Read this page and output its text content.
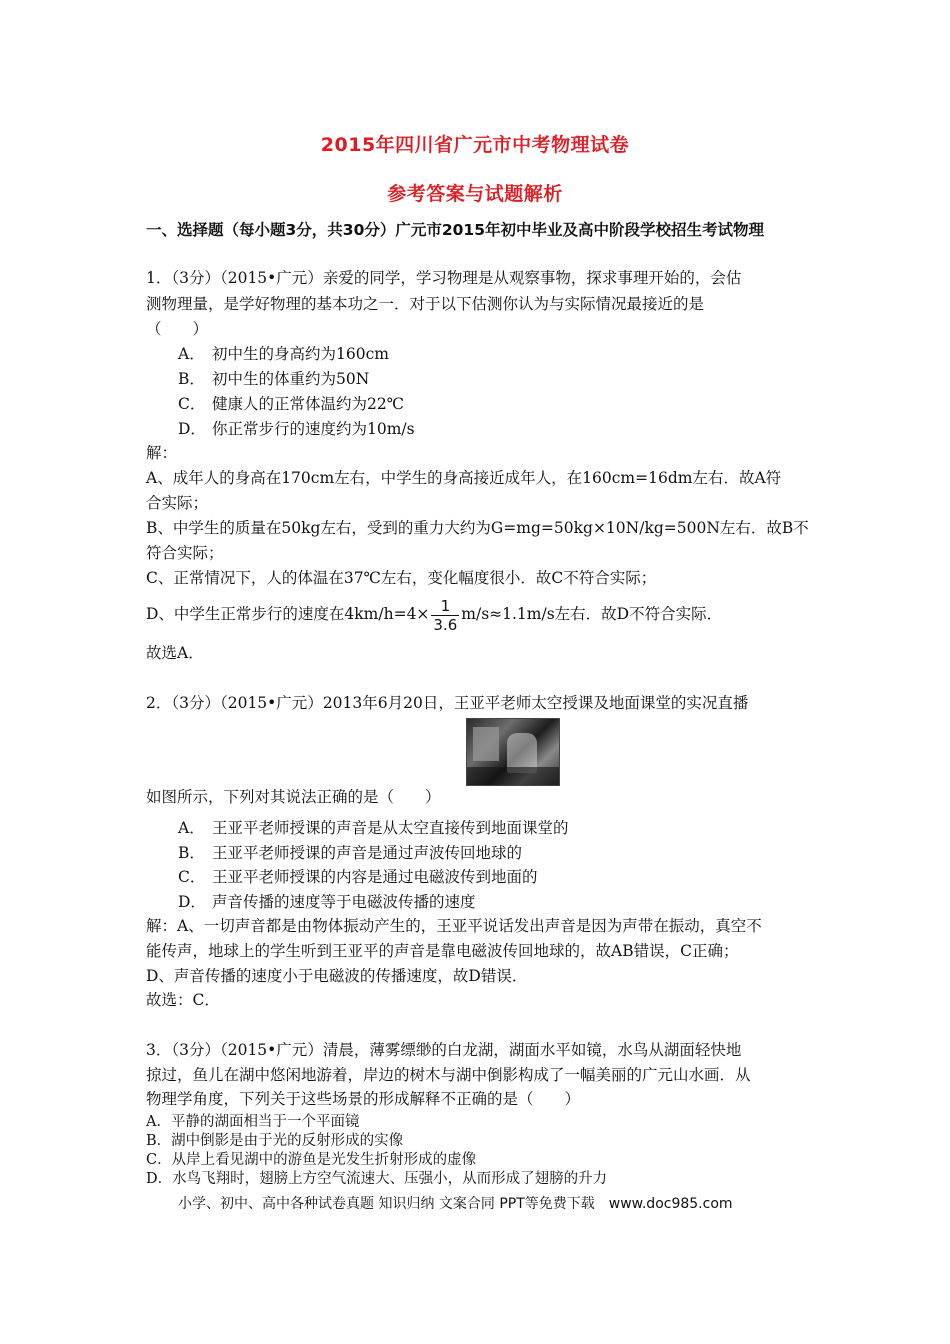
2015年四川省广元市中考物理试卷
参考答案与试题解析
一、选择题（每小题3分，共30分）广元市2015年初中毕业及高中阶段学校招生考试物理
1．（3分）（2015•广元）亲爱的同学，学习物理是从观察事物，探求事理开始的，会估
测物理量，是学好物理的基本功之一．对于以下估测你认为与实际情况最接近的是
（　　）
A． 初中生的身高约为160cm
B． 初中生的体重约为50N
C． 健康人的正常体温约为22℃
D． 你正常步行的速度约为10m/s
解：
A、成年人的身高在170cm左右，中学生的身高接近成年人，在160cm=16dm左右．故A符
合实际；
B、中学生的质量在50kg左右，受到的重力大约为G=mg=50kg×10N/kg=500N左右．故B不
符合实际；
C、正常情况下，人的体温在37℃左右，变化幅度很小．故C不符合实际；
D、中学生正常步行的速度在$4km/h=4\times \frac{1}{3.6} m/s\approx 1.1m/s$左右．故D不符合实际．
故选A．
2．（3分）（2015•广元）2013年6月20日，王亚平老师太空授课及地面课堂的实况直播
如图所示，下列对其说法正确的是（　　）
A． 王亚平老师授课的声音是从太空直接传到地面课堂的
B． 王亚平老师授课的声音是通过声波传回地球的
C． 王亚平老师授课的内容是通过电磁波传到地面的
D． 声音传播的速度等于电磁波传播的速度
解：A、一切声音都是由物体振动产生的，王亚平说话发出声音是因为声带在振动，真空不
能传声，地球上的学生听到王亚平的声音是靠电磁波传回地球的，故AB错误，C正确；
D、声音传播的速度小于电磁波的传播速度，故D错误．
故选：C．
3．（3分）（2015•广元）清晨，薄雾缥缈的白龙湖，湖面水平如镜，水鸟从湖面轻快地
掠过，鱼儿在湖中悠闲地游着，岸边的树木与湖中倒影构成了一幅美丽的广元山水画．从
物理学角度，下列关于这些场景的形成解释不正确的是（　　）
A．平静的湖面相当于一个平面镜
B．湖中倒影是由于光的反射形成的实像
C．从岸上看见湖中的游鱼是光发生折射形成的虚像
D．水鸟飞翔时，翅膀上方空气流速大、压强小，从而形成了翅膀的升力
小学、初中、高中各种试卷真题 知识归纳 文案合同 PPT等免费下载　www.doc985.com
